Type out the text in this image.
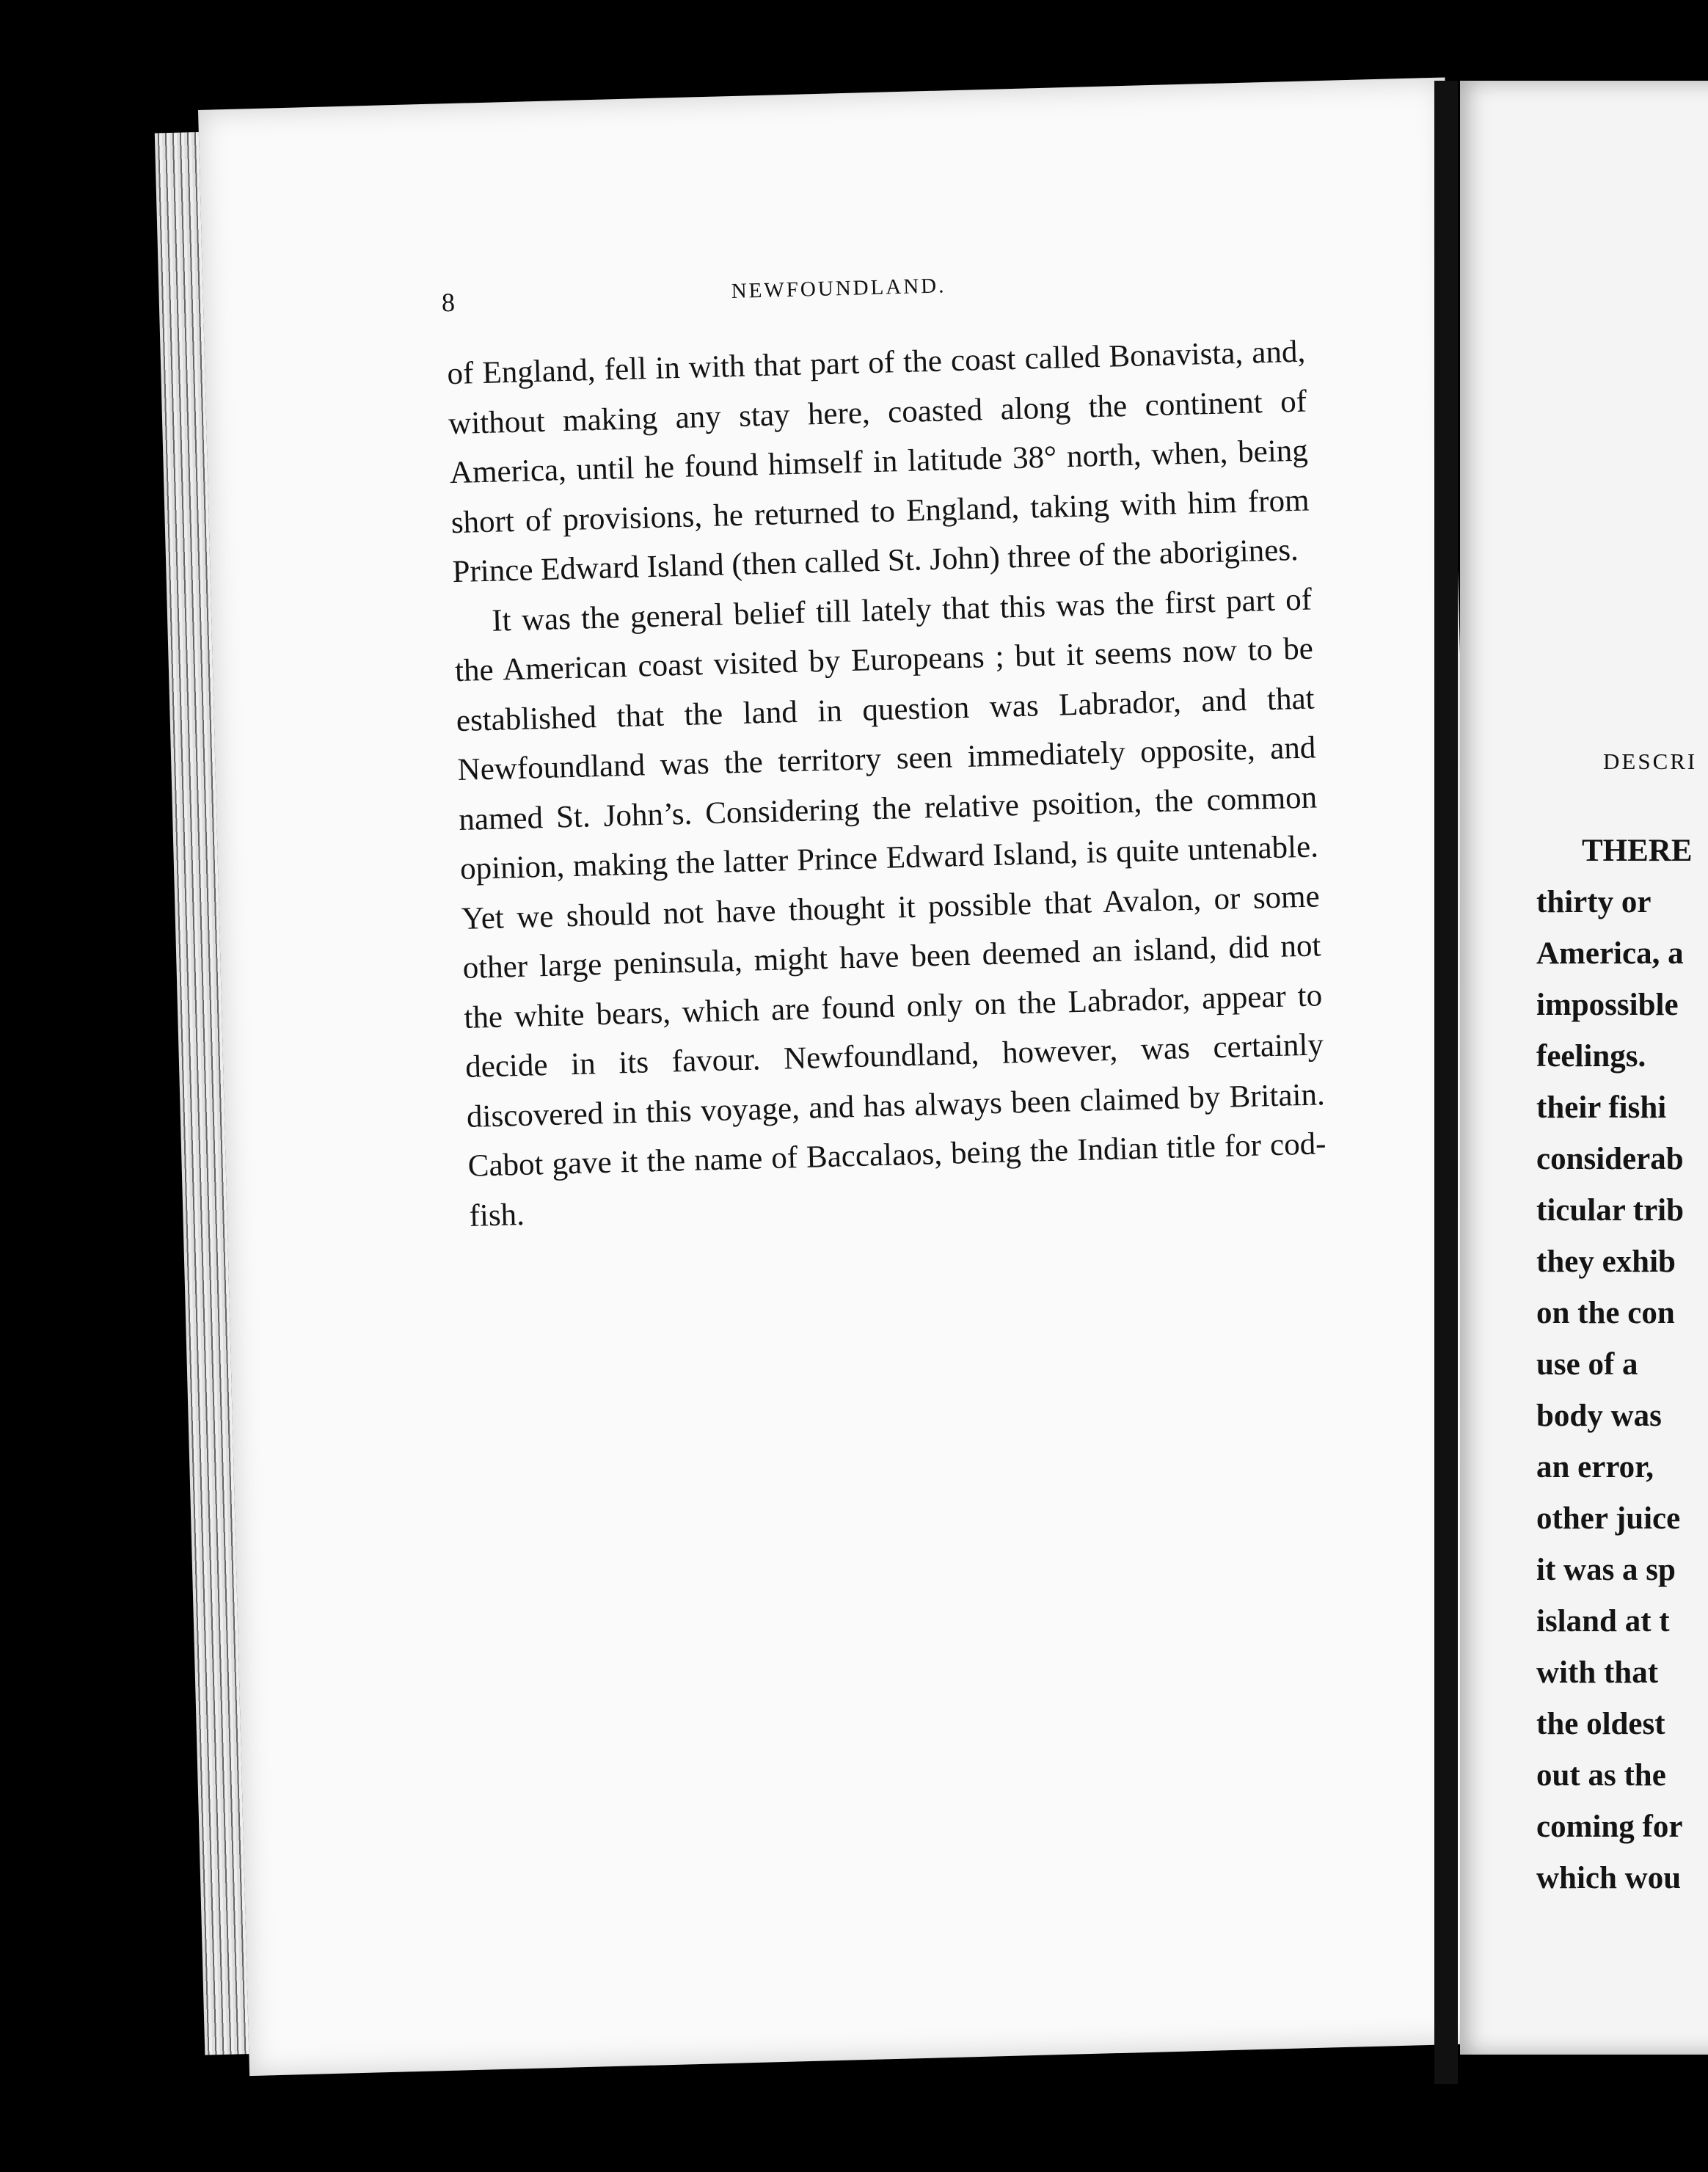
8	NEWFOUNDLAND.

of England, fell in with that part of the coast called Bonavista, and, without making any stay here, coasted along the continent of America, until he found himself in latitude 38° north, when, being short of provisions, he returned to England, taking with him from Prince Edward Island (then called St. John) three of the aborigines.

It was the general belief till lately that this was the first part of the American coast visited by Europeans ; but it seems now to be established that the land in question was Labrador, and that Newfoundland was the territory seen immediately opposite, and named St. John’s. Considering the relative psoition, the common opinion, making the latter Prince Edward Island, is quite untenable. Yet we should not have thought it possible that Avalon, or some other large peninsula, might have been deemed an island, did not the white bears, which are found only on the Labrador, appear to decide in its favour. Newfoundland, however, was certainly discovered in this voyage, and has always been claimed by Britain. Cabot gave it the name of Baccalaos, being the Indian title for cod-fish.

DESCRI
THERE
thirty or
America, a
impossible
feelings.
their fishi
considerab
ticular trib
they exhib
on the con
use of a
body was
an error,
other juice
it was a sp
island at t
with that
the oldest
out as the
coming for
which wou
